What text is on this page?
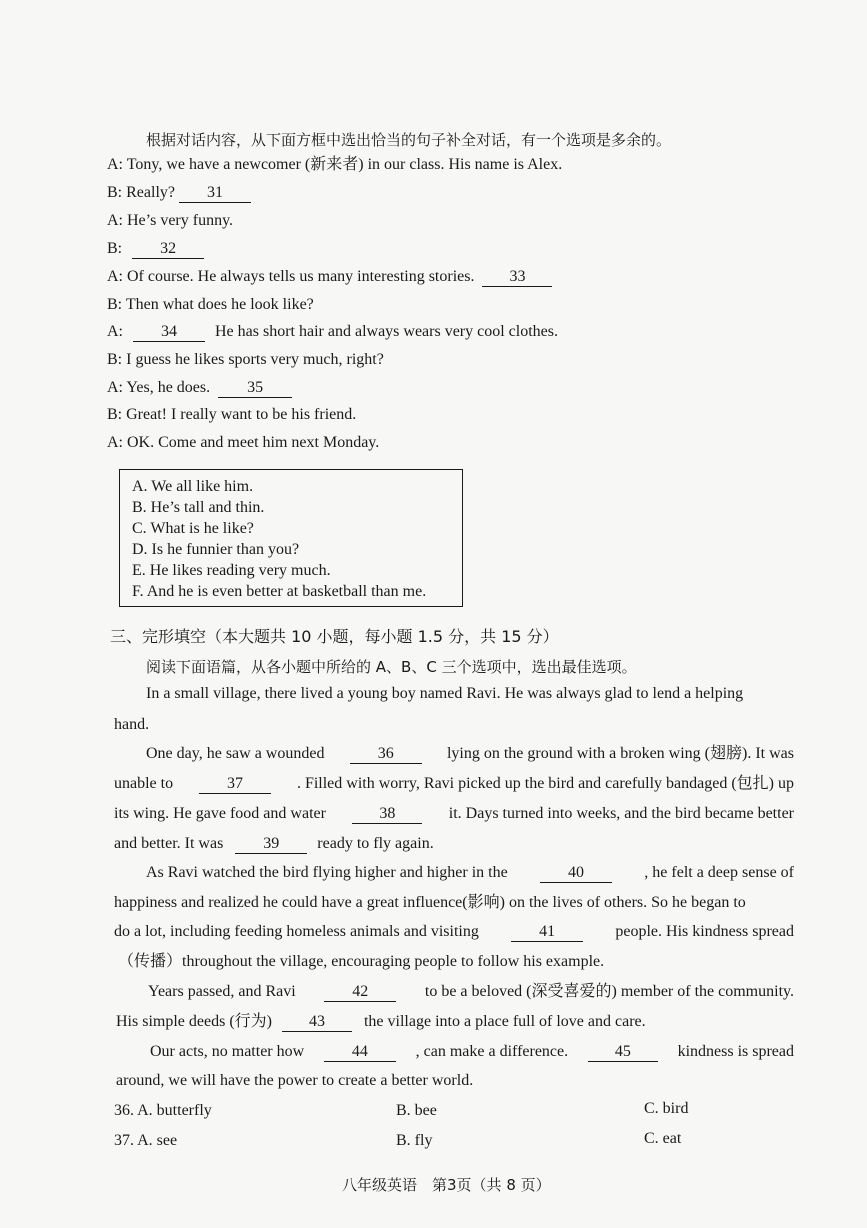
根据对话内容，从下面方框中选出恰当的句子补全对话，有一个选项是多余的。
A: Tony, we have a newcomer (新来者) in our class. His name is Alex.
B: Really? 31
A: He’s very funny.
B: 32
A: Of course. He always tells us many interesting stories. 33
B: Then what does he look like?
A: 34 He has short hair and always wears very cool clothes.
B: I guess he likes sports very much, right?
A: Yes, he does. 35
B: Great! I really want to be his friend.
A: OK. Come and meet him next Monday.
A. We all like him.
B. He’s tall and thin.
C. What is he like?
D. Is he funnier than you?
E. He likes reading very much.
F. And he is even better at basketball than me.
三、完形填空（本大题共 10 小题，每小题 1.5 分，共 15 分）
阅读下面语篇，从各小题中所给的 A、B、C 三个选项中，选出最佳选项。
In a small village, there lived a young boy named Ravi. He was always glad to lend a helping
hand.
One day, he saw a wounded	36	lying on the ground with a broken wing (翅膀). It was
unable to	37	. Filled with worry, Ravi picked up the bird and carefully bandaged (包扎) up
its wing. He gave food and water	38	it. Days turned into weeks, and the bird became better
and better. It was	39 ready to fly again.
As Ravi watched the bird flying higher and higher in the	40	, he felt a deep sense of
happiness and realized he could have a great influence(影响) on the lives of others. So he began to
do a lot, including feeding homeless animals and visiting	41	people. His kindness spread
（传播）throughout the village, encouraging people to follow his example.
Years passed, and Ravi	42	to be a beloved (深受喜爱的) member of the community.
His simple deeds (行为) 43 the village into a place full of love and care.
Our acts, no matter how	44	, can make a difference.	45	kindness is spread
around, we will have the power to create a better world.
36. A. butterfly	B. bee	C. bird
37. A. see	B. fly	C. eat
八年级英语　第3页（共 8 页）
